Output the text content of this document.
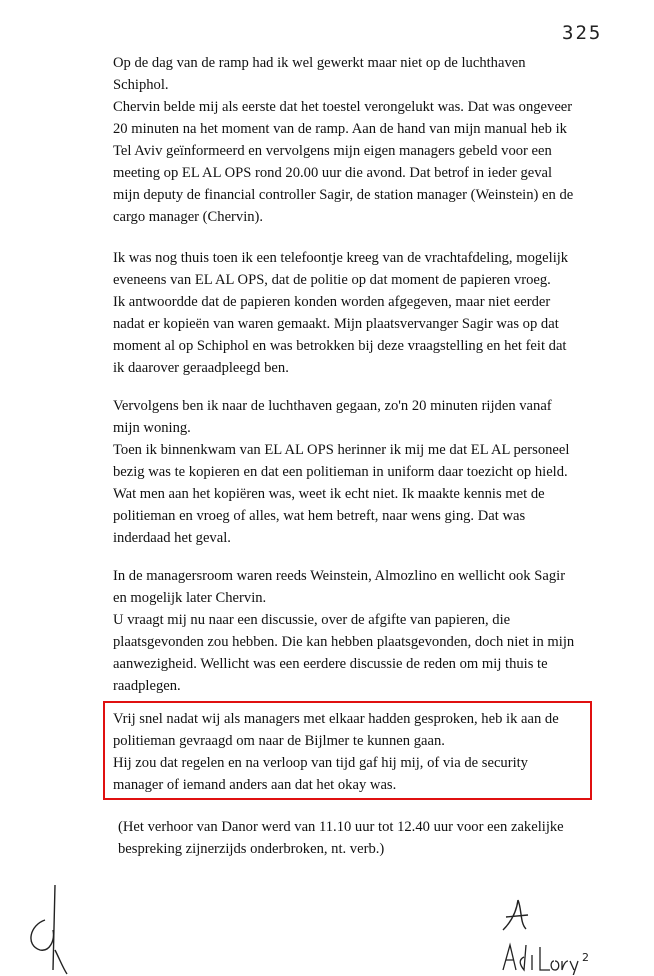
325
Op de dag van de ramp had ik wel gewerkt maar niet op de luchthaven
Schiphol.
Chervin belde mij als eerste dat het toestel verongelukt was. Dat was ongeveer
20 minuten na het moment van de ramp. Aan de hand van mijn manual heb ik
Tel Aviv geïnformeerd en vervolgens mijn eigen managers gebeld voor een
meeting op EL AL OPS rond 20.00 uur die avond. Dat betrof in ieder geval
mijn deputy de financial controller Sagir, de station manager (Weinstein) en de
cargo manager (Chervin).
Ik was nog thuis toen ik een telefoontje kreeg van de vrachtafdeling, mogelijk
eveneens van EL AL OPS, dat de politie op dat moment de papieren vroeg.
Ik antwoordde dat de papieren konden worden afgegeven, maar niet eerder
nadat er kopieën van waren gemaakt. Mijn plaatsvervanger Sagir was op dat
moment al op Schiphol en was betrokken bij deze vraagstelling en het feit dat
ik daarover geraadpleegd ben.
Vervolgens ben ik naar de luchthaven gegaan, zo'n 20 minuten rijden vanaf
mijn woning.
Toen ik binnenkwam van EL AL OPS herinner ik mij me dat EL AL personeel
bezig was te kopieren en dat een politieman in uniform daar toezicht op hield.
Wat men aan het kopiëren was, weet ik echt niet. Ik maakte kennis met de
politieman en vroeg of alles, wat hem betreft, naar wens ging. Dat was
inderdaad het geval.
In de managersroom waren reeds Weinstein, Almozlino en wellicht ook Sagir
en mogelijk later Chervin.
U vraagt mij nu naar een discussie, over de afgifte van papieren, die
plaatsgevonden zou hebben. Die kan hebben plaatsgevonden, doch niet in mijn
aanwezigheid. Wellicht was een eerdere discussie de reden om mij thuis te
raadplegen.
Vrij snel nadat wij als managers met elkaar hadden gesproken, heb ik aan de
politieman gevraagd om naar de Bijlmer te kunnen gaan.
Hij zou dat regelen en na verloop van tijd gaf hij mij, of via de security
manager of iemand anders aan dat het okay was.
(Het verhoor van Danor werd van 11.10 uur tot 12.40 uur voor een zakelijke
bespreking zijnerzijds onderbroken, nt. verb.)
2
